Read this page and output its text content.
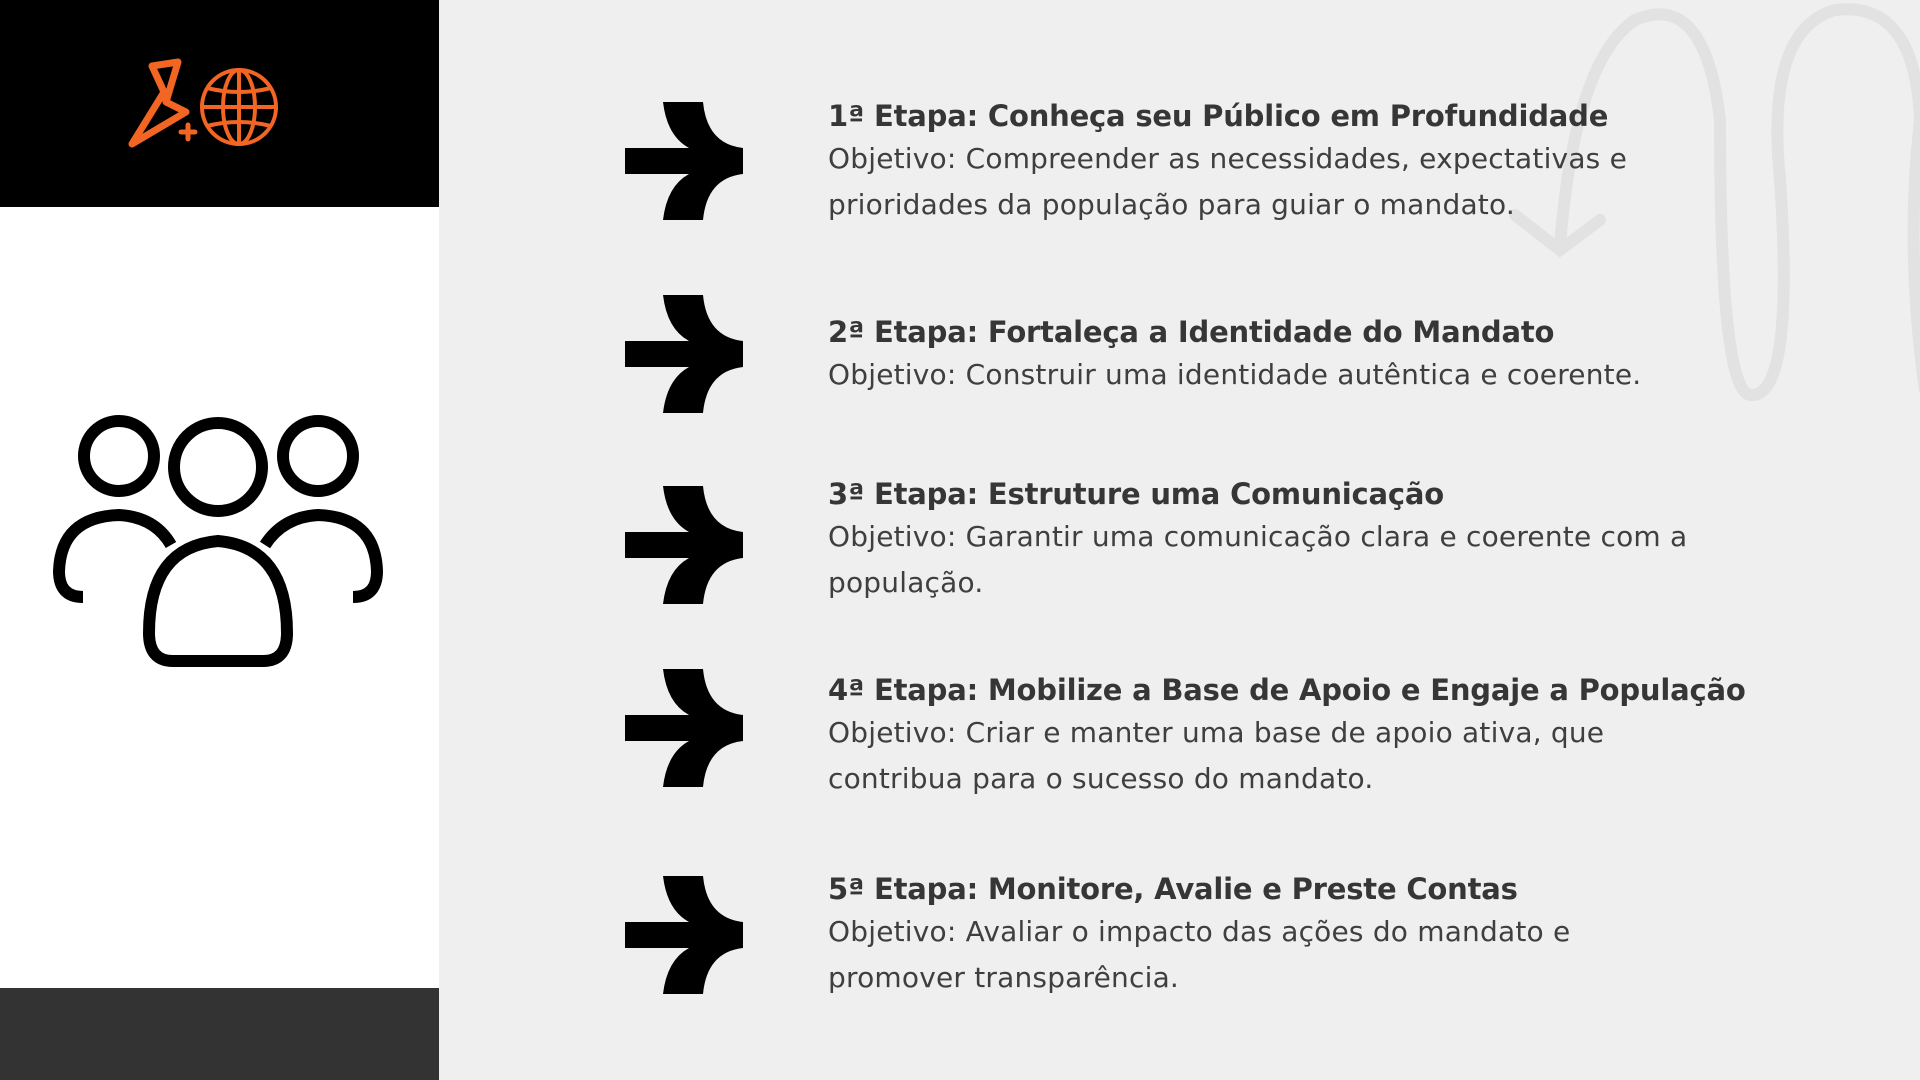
1ª Etapa: Conheça seu Público em Profundidade
Objetivo: Compreender as necessidades, expectativas e
prioridades da população para guiar o mandato.
2ª Etapa: Fortaleça a Identidade do Mandato
Objetivo: Construir uma identidade autêntica e coerente.
3ª Etapa: Estruture uma Comunicação
Objetivo: Garantir uma comunicação clara e coerente com a
população.
4ª Etapa: Mobilize a Base de Apoio e Engaje a População
Objetivo: Criar e manter uma base de apoio ativa, que
contribua para o sucesso do mandato.
5ª Etapa: Monitore, Avalie e Preste Contas
Objetivo: Avaliar o impacto das ações do mandato e
promover transparência.
